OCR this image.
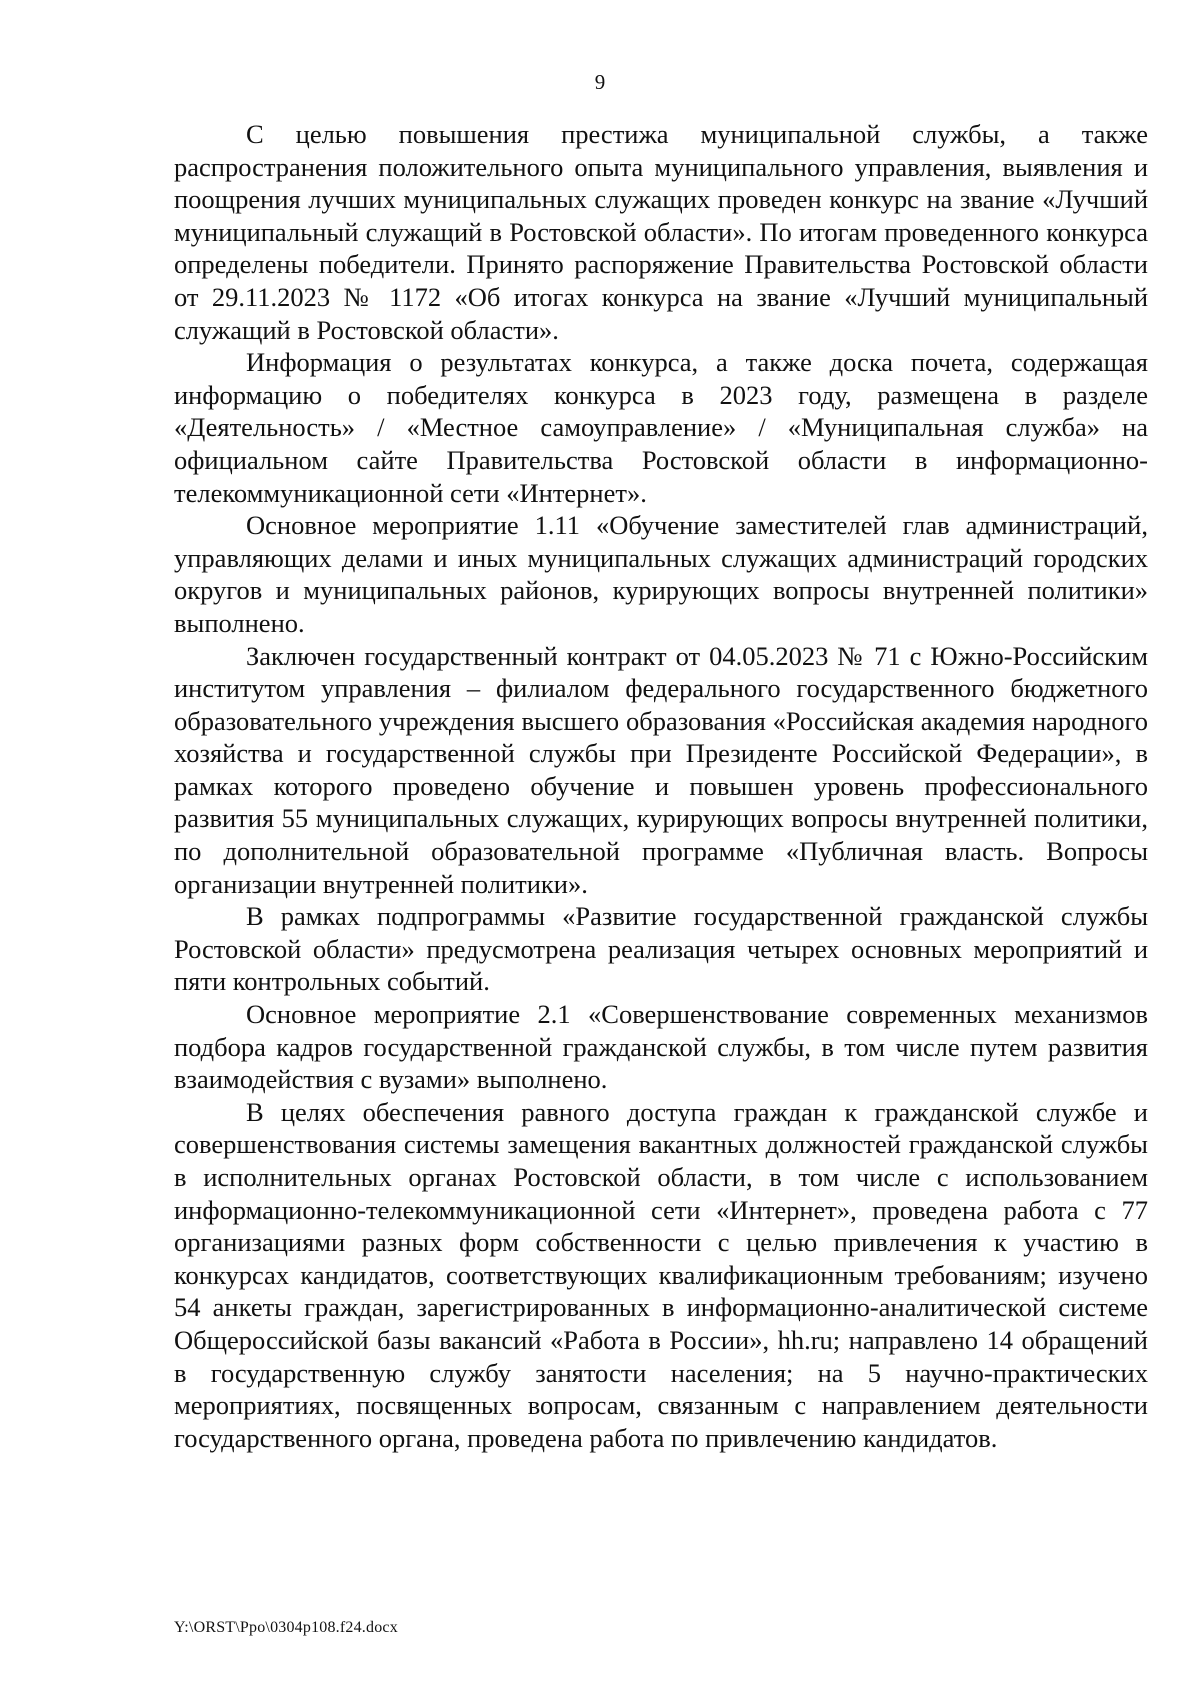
9

С целью повышения престижа муниципальной службы, а также распространения положительного опыта муниципального управления, выявления и поощрения лучших муниципальных служащих проведен конкурс на звание «Лучший муниципальный служащий в Ростовской области». По итогам проведенного конкурса определены победители. Принято распоряжение Правительства Ростовской области от 29.11.2023 № 1172 «Об итогах конкурса на звание «Лучший муниципальный служащий в Ростовской области».

Информация о результатах конкурса, а также доска почета, содержащая информацию о победителях конкурса в 2023 году, размещена в разделе «Деятельность» / «Местное самоуправление» / «Муниципальная служба» на официальном сайте Правительства Ростовской области в информационно-телекоммуникационной сети «Интернет».

Основное мероприятие 1.11 «Обучение заместителей глав администраций, управляющих делами и иных муниципальных служащих администраций городских округов и муниципальных районов, курирующих вопросы внутренней политики» выполнено.

Заключен государственный контракт от 04.05.2023 № 71 с Южно-Российским институтом управления – филиалом федерального государственного бюджетного образовательного учреждения высшего образования «Российская академия народного хозяйства и государственной службы при Президенте Российской Федерации», в рамках которого проведено обучение и повышен уровень профессионального развития 55 муниципальных служащих, курирующих вопросы внутренней политики, по дополнительной образовательной программе «Публичная власть. Вопросы организации внутренней политики».

В рамках подпрограммы «Развитие государственной гражданской службы Ростовской области» предусмотрена реализация четырех основных мероприятий и пяти контрольных событий.

Основное мероприятие 2.1 «Совершенствование современных механизмов подбора кадров государственной гражданской службы, в том числе путем развития взаимодействия с вузами» выполнено.

В целях обеспечения равного доступа граждан к гражданской службе и совершенствования системы замещения вакантных должностей гражданской службы в исполнительных органах Ростовской области, в том числе с использованием информационно-телекоммуникационной сети «Интернет», проведена работа с 77 организациями разных форм собственности с целью привлечения к участию в конкурсах кандидатов, соответствующих квалификационным требованиям; изучено 54 анкеты граждан, зарегистрированных в информационно-аналитической системе Общероссийской базы вакансий «Работа в России», hh.ru; направлено 14 обращений в государственную службу занятости населения; на 5 научно-практических мероприятиях, посвященных вопросам, связанным с направлением деятельности государственного органа, проведена работа по привлечению кандидатов.

Y:\ORST\Ppo\0304p108.f24.docx
